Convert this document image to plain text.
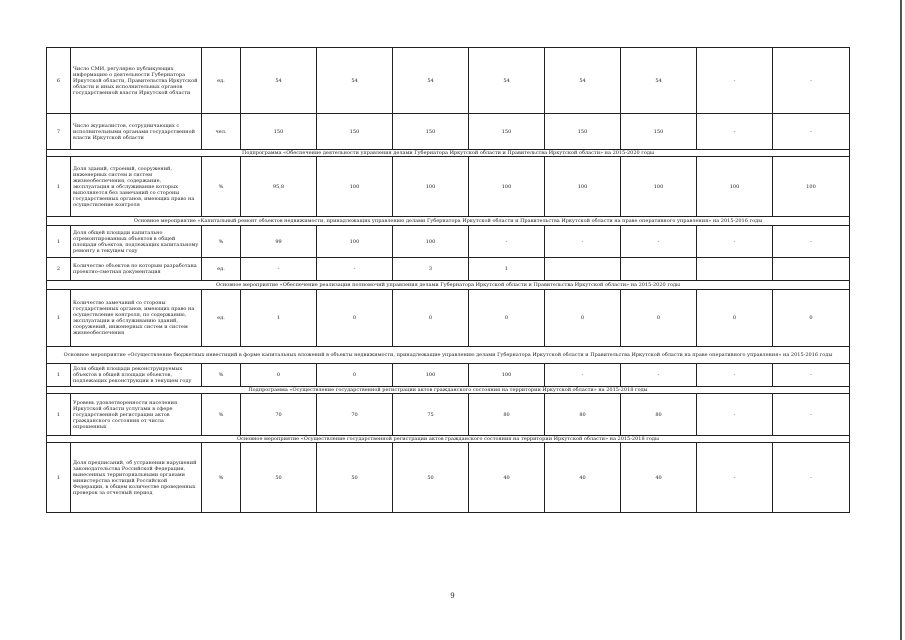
6	Число СМИ, регулярно публикующих информацию о деятельности Губернатора Иркутской области, Правительства Иркутской области и иных исполнительных органов государственной власти Иркутской области	ед.	54	54	54	54	54	54	-	-
7	Число журналистов, сотрудничающих с исполнительными органами государственной власти Иркутской области	чел.	150	150	150	150	150	150	-	-
Подпрограмма «Обеспечение деятельности управления делами Губернатора Иркутской области и Правительства Иркутской области» на 2015-2020 годы										
1	Доля зданий, строений, сооружений, инженерных систем и систем жизнеобеспечения, содержание, эксплуатация и обслуживание которых выполняется без замечаний со стороны государственных органов, имеющих право на осуществление контроля	%	95,8	100	100	100	100	100	100	100
Основное мероприятие «Капитальный ремонт объектов недвижимости, принадлежащих управлению делами Губернатора Иркутской области и Правительства Иркутской области на праве оперативного управления» на 2015-2016 годы										
1	Доля общей площади капитально отремонтированных объектов в общей площади объектов, подлежащих капитальному ремонту в текущем году	%	99	100	100	-	-	-	-	-
2	Количество объектов по которым разработана проектно-сметная документация	ед.	-	-	3	1				
Основное мероприятие «Обеспечение реализации полномочий управления делами Губернатора Иркутской области и Правительства Иркутской области» на 2015-2020 годы										
1	Количество замечаний со стороны государственных органов, имеющих право на осуществление контроля, по содержанию, эксплуатации и обслуживанию зданий, сооружений, инженерных систем и систем жизнеобеспечения	ед.	1	0	0	0	0	0	0	0
Основное мероприятие «Осуществление бюджетных инвестиций в форме капитальных вложений в объекты недвижимости, принадлежащие управлению делами Губернатора Иркутской области и Правительства Иркутской области на праве оперативного управления» на 2015-2016 годы										
1	Доля общей площади реконструируемых объектов в общей площади объектов, подлежащих реконструкции в текущем году	%	0	0	100	100	-	-	-	-
Подпрограмма «Осуществление государственной регистрации актов гражданского состояния на территории Иркутской области» на 2015-2018 годы										
1	Уровень удовлетворенности населения Иркутской области услугами в сфере государственной регистрации актов гражданского состояния от числа опрошенных	%	70	70	75	80	80	80	-	-
Основное мероприятие «Осуществление государственной регистрации актов гражданского состояния на территории Иркутской области» на 2015-2018 годы										
1	Доля предписаний, об устранении нарушений законодательства Российской Федерации, вынесенных территориальными органами министерства юстиций Российской Федерации, в общем количестве проведенных проверок за отчетный период	%	50	50	50	40	40	40	-	-
9
